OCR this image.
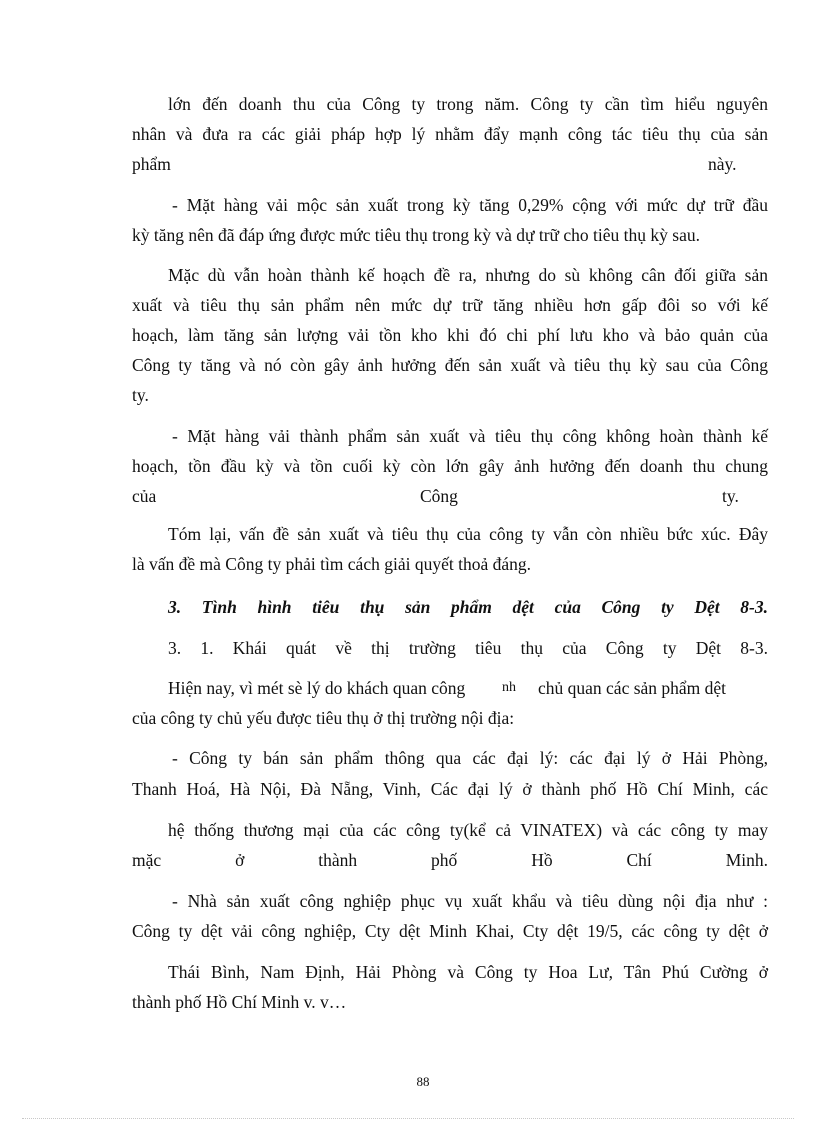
lớn đến doanh thu của Công ty trong năm. Công ty cần tìm hiểu nguyên
nhân và đưa ra các giải pháp hợp lý nhằm đẩy mạnh công tác tiêu thụ của sản
phẩm	này.
- Mặt hàng vải mộc sản xuất trong kỳ tăng 0,29% cộng với mức dự trữ đầu
kỳ tăng nên đã đáp ứng được mức tiêu thụ trong kỳ và dự trữ cho tiêu thụ kỳ sau.
Mặc dù vẫn hoàn thành kế hoạch đề ra, nhưng do sù không cân đối giữa sản
xuất và tiêu thụ sản phẩm nên mức dự trữ tăng nhiều hơn gấp đôi so với kế
hoạch, làm tăng sản lượng vải tồn kho khi đó chi phí lưu kho và bảo quản của
Công ty tăng và nó còn gây ảnh hưởng đến sản xuất và tiêu thụ kỳ sau của Công
ty.
- Mặt hàng vải thành phẩm sản xuất và tiêu thụ công không hoàn thành kế
hoạch, tồn đầu kỳ và tồn cuối kỳ còn lớn gây ảnh hưởng đến doanh thu chung
của	Công	ty.
Tóm lại, vấn đề sản xuất và tiêu thụ của công ty vẫn còn nhiều bức xúc. Đây
là vấn đề mà Công ty phải tìm cách giải quyết thoả đáng.
3. Tình hình tiêu thụ sản phẩm dệt của Công ty Dệt 8-3.
3. 1. Khái quát về thị trường tiêu thụ của Công ty Dệt 8-3.
Hiện nay, vì mét sè lý do khách quan công	nh	chủ quan các sản phẩm dệt
của công ty chủ yếu được tiêu thụ ở thị trường nội địa:
- Công ty bán sản phẩm thông qua các đại lý: các đại lý ở Hải Phòng,
Thanh Hoá, Hà Nội, Đà Nẵng, Vinh, Các đại lý ở thành phố Hồ Chí Minh, các
hệ thống thương mại của các công ty(kể cả VINATEX) và các công ty may
mặc ở thành phố Hồ Chí Minh.
- Nhà sản xuất công nghiệp phục vụ xuất khẩu và tiêu dùng nội địa như :
Công ty dệt vải công nghiệp, Cty dệt Minh Khai, Cty dệt 19/5, các công ty dệt ở
Thái Bình, Nam Định, Hải Phòng và Công ty Hoa Lư, Tân Phú Cường ở
thành phố Hồ Chí Minh v. v…
88
